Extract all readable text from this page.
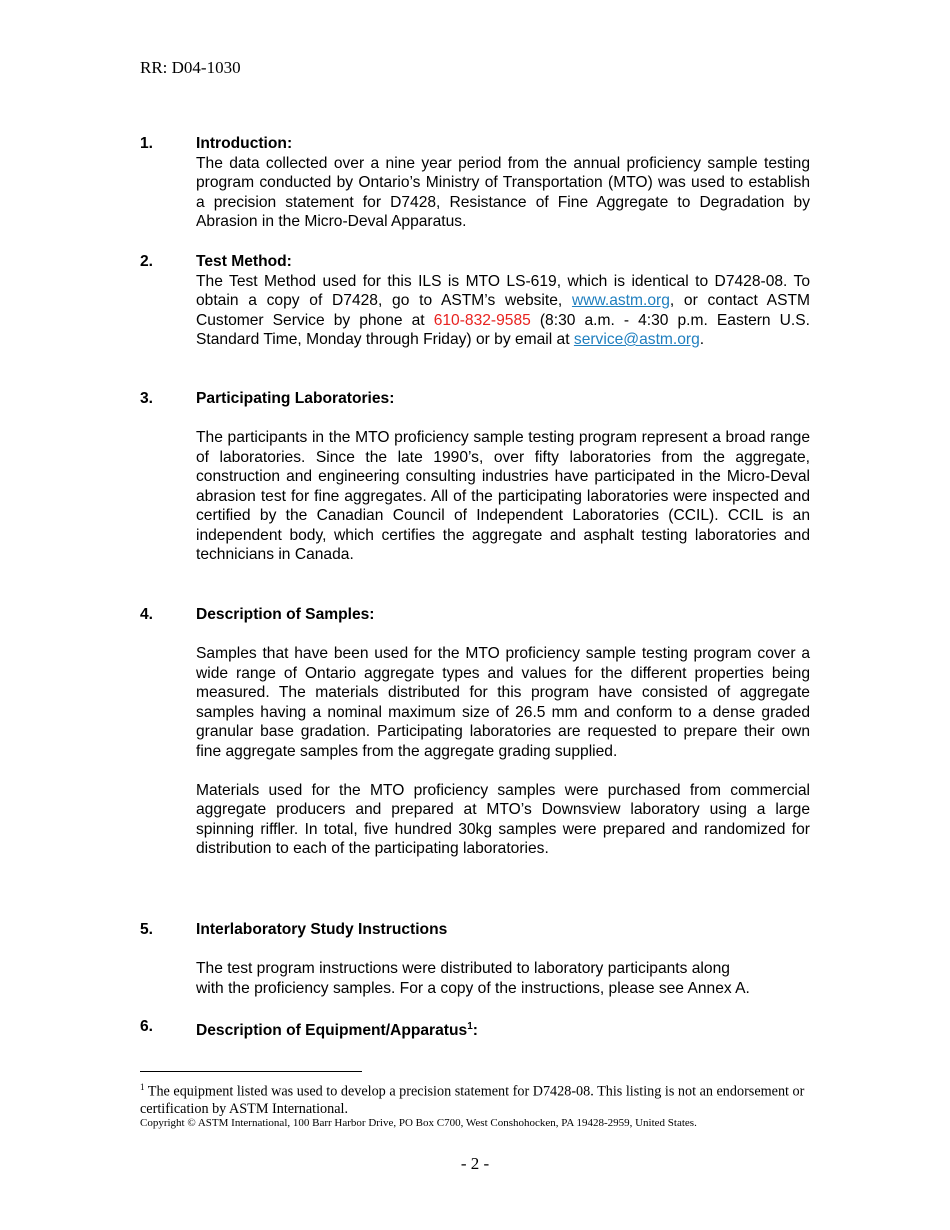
RR: D04-1030
1.	Introduction:

The data collected over a nine year period from the annual proficiency sample testing program conducted by Ontario’s Ministry of Transportation (MTO) was used to establish a precision statement for D7428, Resistance of Fine Aggregate to Degradation by Abrasion in the Micro-Deval Apparatus.

2.	Test Method:

The Test Method used for this ILS is MTO LS-619, which is identical to D7428-08. To obtain a copy of D7428, go to ASTM’s website, www.astm.org, or contact ASTM Customer Service by phone at 610-832-9585 (8:30 a.m. - 4:30 p.m. Eastern U.S. Standard Time, Monday through Friday) or by email at service@astm.org.

3.	Participating Laboratories:

The participants in the MTO proficiency sample testing program represent a broad range of laboratories. Since the late 1990’s, over fifty laboratories from the aggregate, construction and engineering consulting industries have participated in the Micro-Deval abrasion test for fine aggregates. All of the participating laboratories were inspected and certified by the Canadian Council of Independent Laboratories (CCIL). CCIL is an independent body, which certifies the aggregate and asphalt testing laboratories and technicians in Canada.

4.	Description of Samples:

Samples that have been used for the MTO proficiency sample testing program cover a wide range of Ontario aggregate types and values for the different properties being measured. The materials distributed for this program have consisted of aggregate samples having a nominal maximum size of 26.5 mm and conform to a dense graded granular base gradation. Participating laboratories are requested to prepare their own fine aggregate samples from the aggregate grading supplied.

Materials used for the MTO proficiency samples were purchased from commercial aggregate producers and prepared at MTO’s Downsview laboratory using a large spinning riffler. In total, five hundred 30kg samples were prepared and randomized for distribution to each of the participating laboratories.

5.	Interlaboratory Study Instructions

The test program instructions were distributed to laboratory participants along
with the proficiency samples. For a copy of the instructions, please see Annex A.

6.	Description of Equipment/Apparatus$^1$:
$^1$ The equipment listed was used to develop a precision statement for D7428-08. This listing is not an endorsement or certification by ASTM International.
Copyright © ASTM International, 100 Barr Harbor Drive, PO Box C700, West Conshohocken, PA 19428-2959, United States.
- 2 -
